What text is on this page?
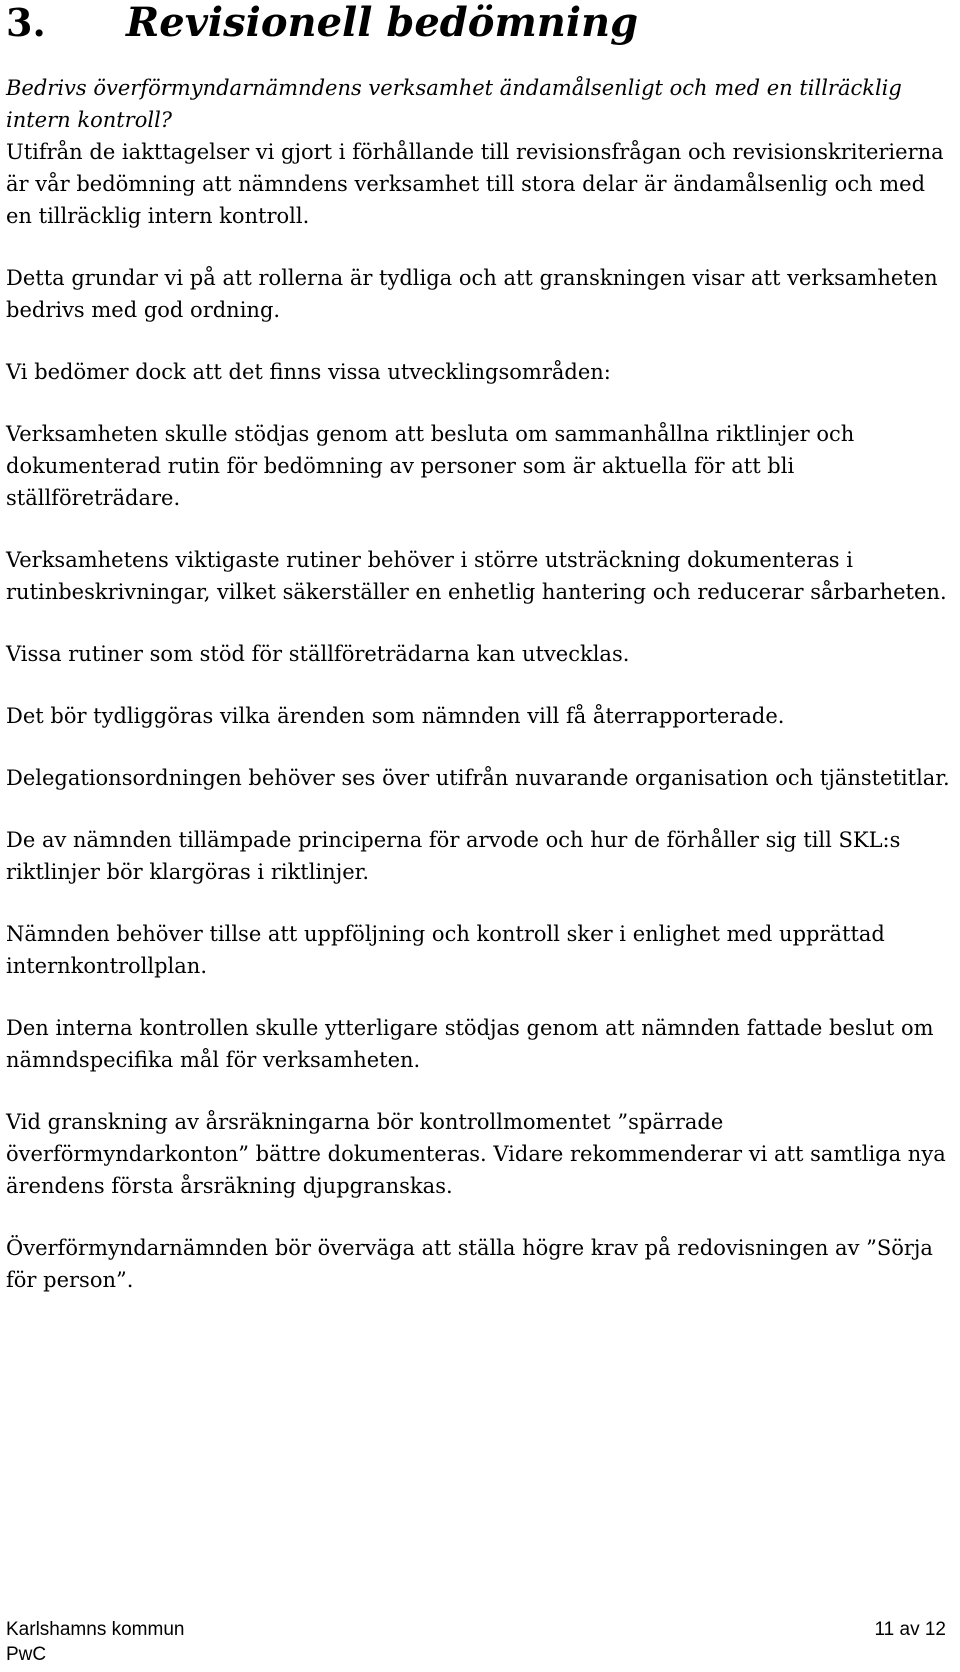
3. Revisionell bedömning

Bedrivs överförmyndarnämndens verksamhet ändamålsenligt och med en tillräcklig intern kontroll?

Utifrån de iakttagelser vi gjort i förhållande till revisionsfrågan och revisionskriterierna är vår bedömning att nämndens verksamhet till stora delar är ändamålsenlig och med en tillräcklig intern kontroll.

Detta grundar vi på att rollerna är tydliga och att granskningen visar att verksamheten bedrivs med god ordning.

Vi bedömer dock att det finns vissa utvecklingsområden:

Verksamheten skulle stödjas genom att besluta om sammanhållna riktlinjer och dokumenterad rutin för bedömning av personer som är aktuella för att bli ställföreträdare.

Verksamhetens viktigaste rutiner behöver i större utsträckning dokumenteras i rutinbeskrivningar, vilket säkerställer en enhetlig hantering och reducerar sårbarheten.

Vissa rutiner som stöd för ställföreträdarna kan utvecklas.

Det bör tydliggöras vilka ärenden som nämnden vill få återrapporterade.

Delegationsordningen behöver ses över utifrån nuvarande organisation och tjänstetitlar.

De av nämnden tillämpade principerna för arvode och hur de förhåller sig till SKL:s riktlinjer bör klargöras i riktlinjer.

Nämnden behöver tillse att uppföljning och kontroll sker i enlighet med upprättad internkontrollplan.

Den interna kontrollen skulle ytterligare stödjas genom att nämnden fattade beslut om nämndspecifika mål för verksamheten.

Vid granskning av årsräkningarna bör kontrollmomentet ”spärrade överförmyndarkonton” bättre dokumenteras. Vidare rekommenderar vi att samtliga nya ärendens första årsräkning djupgranskas.

Överförmyndarnämnden bör överväga att ställa högre krav på redovisningen av ”Sörja för person”.

Karlshamns kommun
PwC
11 av 12
